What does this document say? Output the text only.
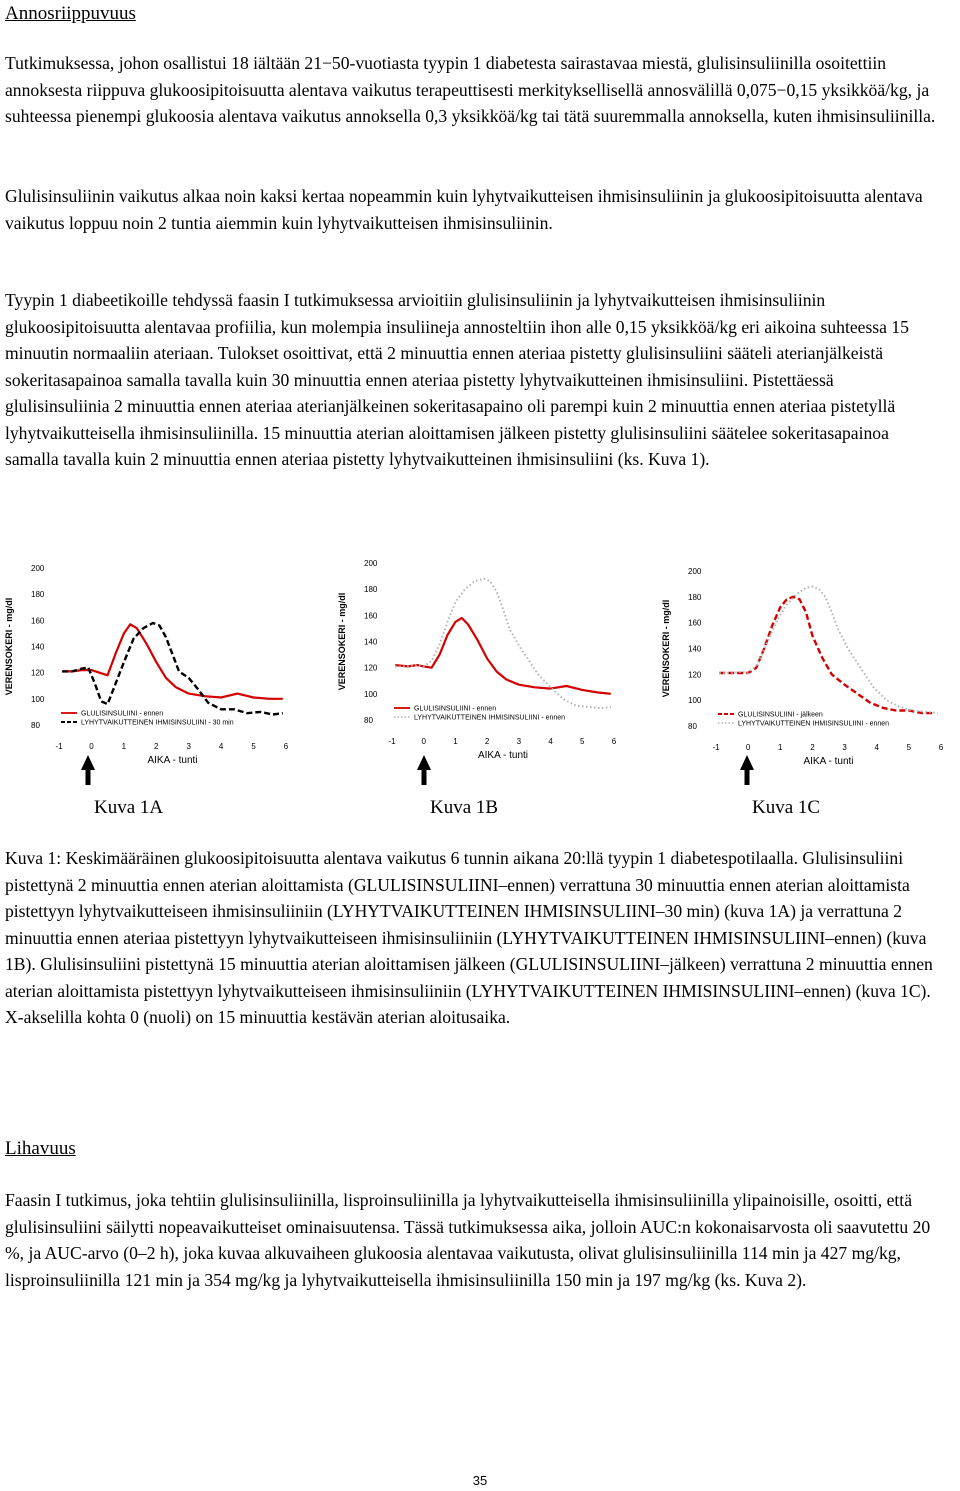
Annosriippuvuus

Tutkimuksessa, johon osallistui 18 iältään 21−50-vuotiasta tyypin 1 diabetesta sairastavaa miestä, glulisinsuliinilla osoitettiin annoksesta riippuva glukoosipitoisuutta alentava vaikutus terapeuttisesti merkityksellisellä annosvälillä 0,075−0,15 yksikköä/kg, ja suhteessa pienempi glukoosia alentava vaikutus annoksella 0,3 yksikköä/kg tai tätä suuremmalla annoksella, kuten ihmisinsuliinilla.

Glulisinsuliinin vaikutus alkaa noin kaksi kertaa nopeammin kuin lyhytvaikutteisen ihmisinsuliinin ja glukoosipitoisuutta alentava vaikutus loppuu noin 2 tuntia aiemmin kuin lyhytvaikutteisen ihmisinsuliinin.

Tyypin 1 diabeetikoille tehdyssä faasin I tutkimuksessa arvioitiin glulisinsuliinin ja lyhytvaikutteisen ihmisinsuliinin glukoosipitoisuutta alentavaa profiilia, kun molempia insuliineja annosteltiin ihon alle 0,15 yksikköä/kg eri aikoina suhteessa 15 minuutin normaaliin ateriaan. Tulokset osoittivat, että 2 minuuttia ennen ateriaa pistetty glulisinsuliini sääteli aterianjälkeistä sokeritasapainoa samalla tavalla kuin 30 minuuttia ennen ateriaa pistetty lyhytvaikutteinen ihmisinsuliini. Pistettäessä glulisinsuliinia 2 minuuttia ennen ateriaa aterianjälkeinen sokeritasapaino oli parempi kuin 2 minuuttia ennen ateriaa pistetyllä lyhytvaikutteisella ihmisinsuliinilla. 15 minuuttia aterian aloittamisen jälkeen pistetty glulisinsuliini säätelee sokeritasapainoa samalla tavalla kuin 2 minuuttia ennen ateriaa pistetty lyhytvaikutteinen ihmisinsuliini (ks. Kuva 1).

80
100
120
140
160
180
200
-1	0	1	2	3	4	5	6
AIKA - tunti
VERENSOKERI - mg/dl
GLULISINSULIINI - ennen
LYHYTVAIKUTTEINEN IHMISINSULIINI - 30 min	80
100
120
140
160
180
200
-1	0	1	2	3	4	5	6
AIKA - tunti
VERENSOKERI - mg/dl
GLULISINSULIINI - ennen
LYHYTVAIKUTTEINEN IHMISINSULIINI - ennen
80
100
120
140
160
180
200
-1	0	1	2	3	4	5	6
AIKA - tunti
VERENSOKERI - mg/dl
GLULISINSULIINI - jälkeen
LYHYTVAIKUTTEINEN IHMISINSULIINI - ennen
Kuva 1A	Kuva 1B	Kuva 1C

Kuva 1: Keskimääräinen glukoosipitoisuutta alentava vaikutus 6 tunnin aikana 20:llä tyypin 1 diabetespotilaalla. Glulisinsuliini pistettynä 2 minuuttia ennen aterian aloittamista (GLULISINSULIINI–ennen) verrattuna 30 minuuttia ennen aterian aloittamista pistettyyn lyhytvaikutteiseen ihmisinsuliiniin (LYHYTVAIKUTTEINEN IHMISINSULIINI–30 min) (kuva 1A) ja verrattuna 2 minuuttia ennen ateriaa pistettyyn lyhytvaikutteiseen ihmisinsuliiniin (LYHYTVAIKUTTEINEN IHMISINSULIINI–ennen) (kuva 1B). Glulisinsuliini pistettynä 15 minuuttia aterian aloittamisen jälkeen (GLULISINSULIINI–jälkeen) verrattuna 2 minuuttia ennen aterian aloittamista pistettyyn lyhytvaikutteiseen ihmisinsuliiniin (LYHYTVAIKUTTEINEN IHMISINSULIINI–ennen) (kuva 1C). X-akselilla kohta 0 (nuoli) on 15 minuuttia kestävän aterian aloitusaika.

Lihavuus

Faasin I tutkimus, joka tehtiin glulisinsuliinilla, lisproinsuliinilla ja lyhytvaikutteisella ihmisinsuliinilla ylipainoisille, osoitti, että glulisinsuliini säilytti nopeavaikutteiset ominaisuutensa. Tässä tutkimuksessa aika, jolloin AUC:n kokonaisarvosta oli saavutettu 20 %, ja AUC-arvo (0–2 h), joka kuvaa alkuvaiheen glukoosia alentavaa vaikutusta, olivat glulisinsuliinilla 114 min ja 427 mg/kg, lisproinsuliinilla 121 min ja 354 mg/kg ja lyhytvaikutteisella ihmisinsuliinilla 150 min ja 197 mg/kg (ks. Kuva 2).

35
